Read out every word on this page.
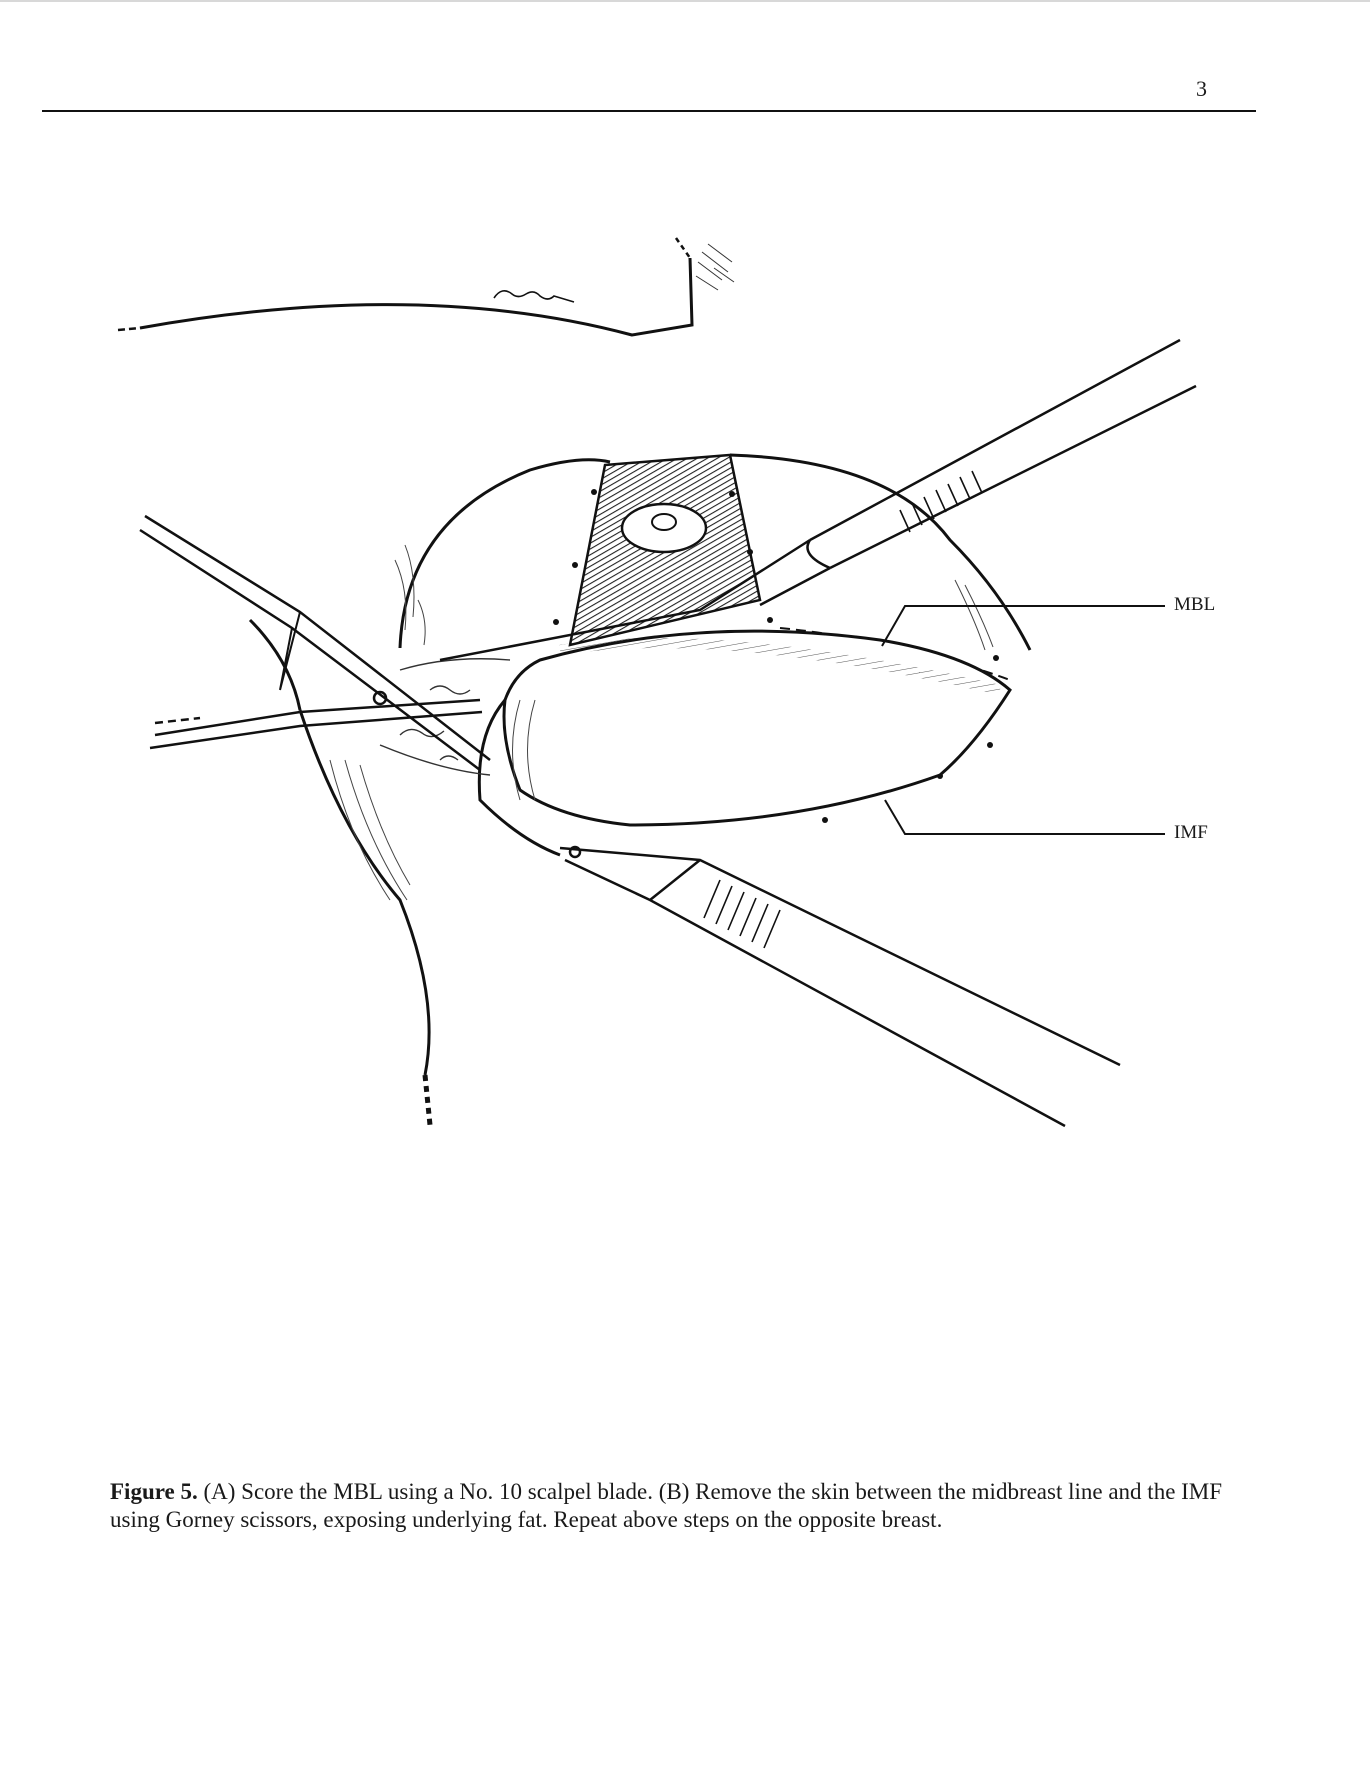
3
MBL
IMF
Figure 5. (A) Score the MBL using a No. 10 scalpel blade. (B) Remove the skin between the midbreast line and the IMF using Gorney scissors, exposing underlying fat. Repeat above steps on the opposite breast.
